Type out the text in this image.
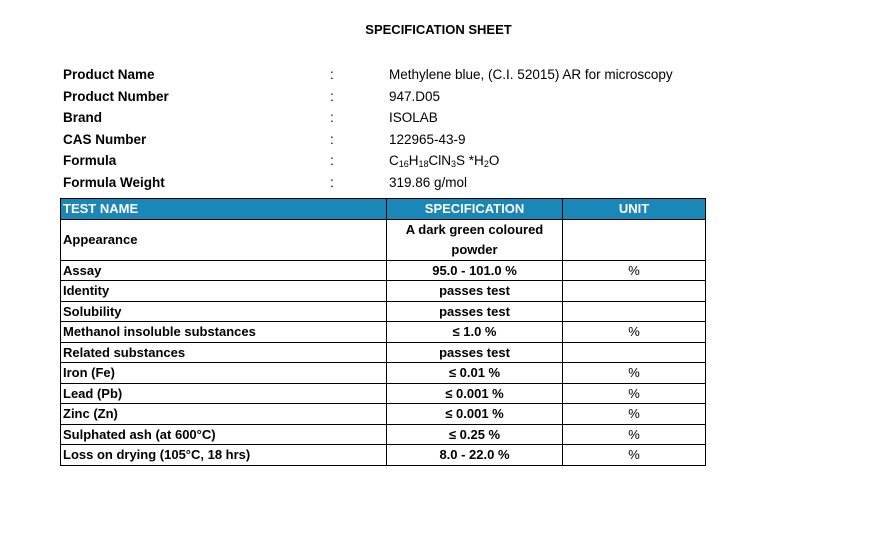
SPECIFICATION SHEET
Product Name	:	Methylene blue, (C.I. 52015) AR for microscopy
Product Number	:	947.D05
Brand	:	ISOLAB
CAS Number	:	122965-43-9
Formula	:	$C_{16}H_{18}ClN_3S$ $*H_2O$
Formula Weight	:	319.86 g/mol
TEST NAME	SPECIFICATION	UNIT
Appearance	A dark green coloured powder	
Assay	95.0 - 101.0 %	%
Identity	passes test	
Solubility	passes test	
Methanol insoluble substances	≤ 1.0 %	%
Related substances	passes test	
Iron (Fe)	≤ 0.01 %	%
Lead (Pb)	≤ 0.001 %	%
Zinc (Zn)	≤ 0.001 %	%
Sulphated ash (at 600°C)	≤ 0.25 %	%
Loss on drying (105°C, 18 hrs)	8.0 - 22.0 %	%
